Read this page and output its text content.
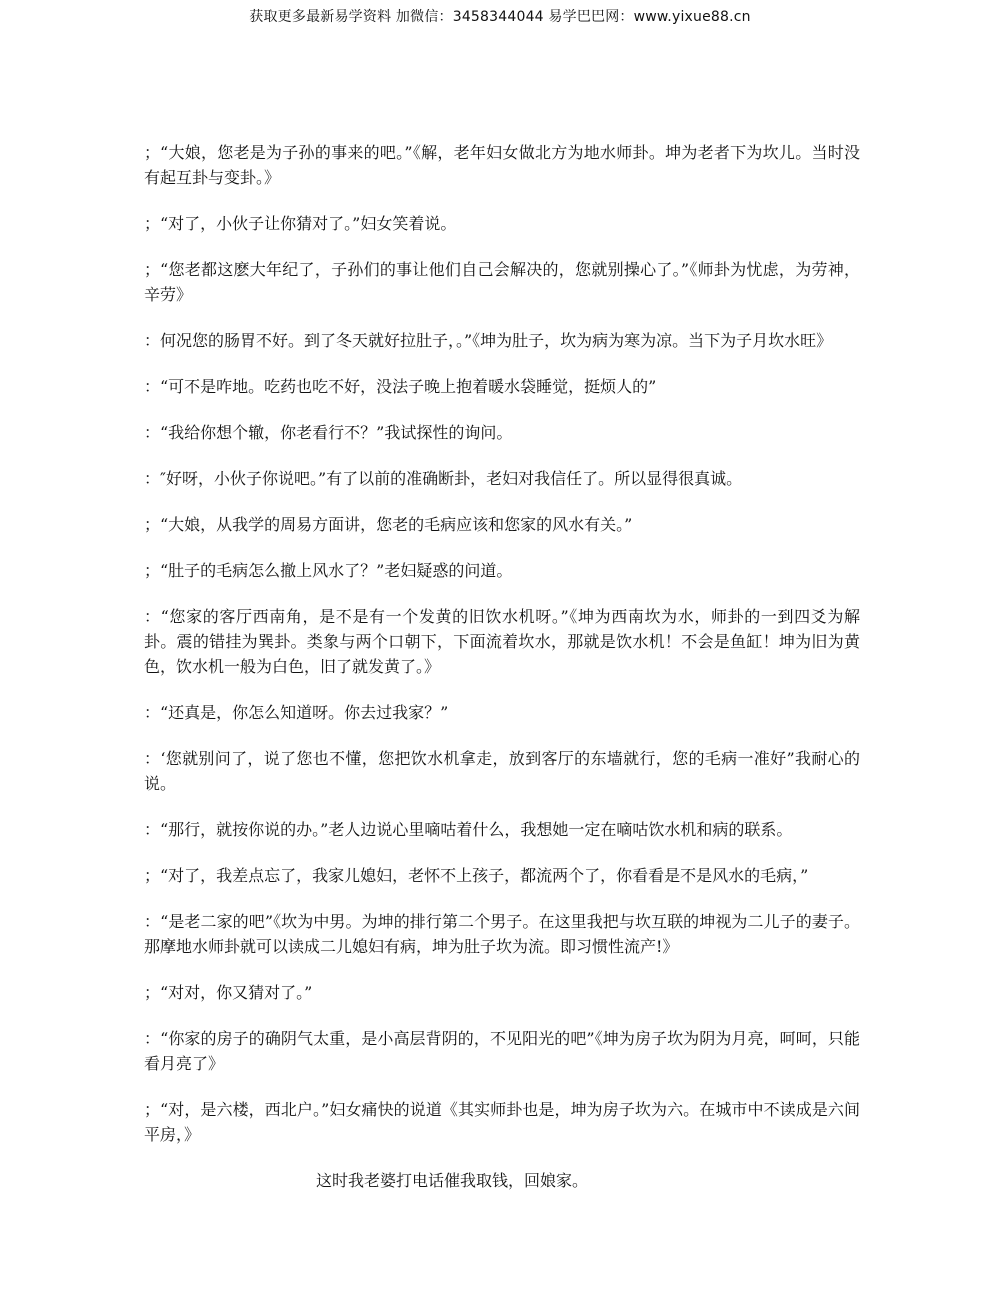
获取更多最新易学资料 加微信：3458344044 易学巴巴网：www.yixue88.cn

；“大娘，您老是为子孙的事来的吧。”《解，老年妇女做北方为地水师卦。坤为老者下为坎儿。当时没有起互卦与变卦。》

；“对了，小伙子让你猜对了。”妇女笑着说。

；“您老都这麽大年纪了，子孙们的事让他们自己会解决的，您就别操心了。”《师卦为忧虑，为劳神，辛劳》

：何况您的肠胃不好。到了冬天就好拉肚子，。”《坤为肚子，坎为病为寒为凉。当下为子月坎水旺》

：“可不是咋地。吃药也吃不好，没法子晚上抱着暖水袋睡觉，挺烦人的”

：“我给你想个辙，你老看行不？”我试探性的询问。

：″好呀，小伙子你说吧。”有了以前的准确断卦，老妇对我信任了。所以显得很真诚。

；“大娘，从我学的周易方面讲，您老的毛病应该和您家的风水有关。”

；“肚子的毛病怎么撤上风水了？”老妇疑惑的问道。

：“您家的客厅西南角，是不是有一个发黄的旧饮水机呀。”《坤为西南坎为水，师卦的一到四爻为解卦。震的错挂为巽卦。类象与两个口朝下，下面流着坎水，那就是饮水机！不会是鱼缸！坤为旧为黄色，饮水机一般为白色，旧了就发黄了。》

：“还真是，你怎么知道呀。你去过我家？”

：‘您就别问了，说了您也不懂，您把饮水机拿走，放到客厅的东墙就行，您的毛病一准好”我耐心的说。

：“那行，就按你说的办。”老人边说心里嘀咕着什么，我想她一定在嘀咕饮水机和病的联系。

；“对了，我差点忘了，我家儿媳妇，老怀不上孩子，都流两个了，你看看是不是风水的毛病，”

：“是老二家的吧”《坎为中男。为坤的排行第二个男子。在这里我把与坎互联的坤视为二儿子的妻子。那摩地水师卦就可以读成二儿媳妇有病，坤为肚子坎为流。即习惯性流产!》

；“对对，你又猜对了。”

：“你家的房子的确阴气太重，是小高层背阴的，不见阳光的吧”《坤为房子坎为阴为月亮，呵呵，只能看月亮了》

；“对，是六楼，西北户。”妇女痛快的说道《其实师卦也是，坤为房子坎为六。在城市中不读成是六间平房，》

这时我老婆打电话催我取钱，回娘家。
